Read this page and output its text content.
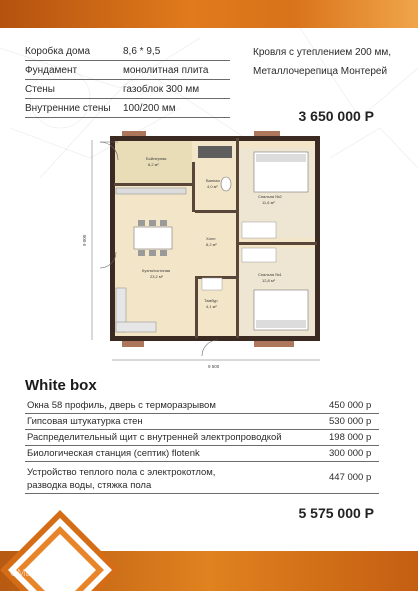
Коробка дома	8,6 * 9,5
Фундамент	монолитная плита
Стены	газоблок 300 мм
Внутренние стены 100/200 мм
Кровля с утеплением 200 мм,
Металлочерепица Монтерей
3 650 000 Р
9 000
9 500
Бойлерная
6,2 м²
Ванная
4,0 м²
Спальня №2
11,6 м²
Холл
8,2 м²
Кухня/гостиная
23,2 м²	Спальня №1
12,8 м²
Тамбур
4,1 м²
White box
Окна 58 профиль, дверь с терморазрывом	450 000 р
Гипсовая штукатурка стен	530 000 р
Распределительный щит с внутренней электропроводкой	198 000 р
Биологическая станция (септик) flotenk	300 000 р
Устройство теплого пола с электрокотлом,
разводка воды, стяжка пола
447 000 р
5 575 000 Р
CMLegion
